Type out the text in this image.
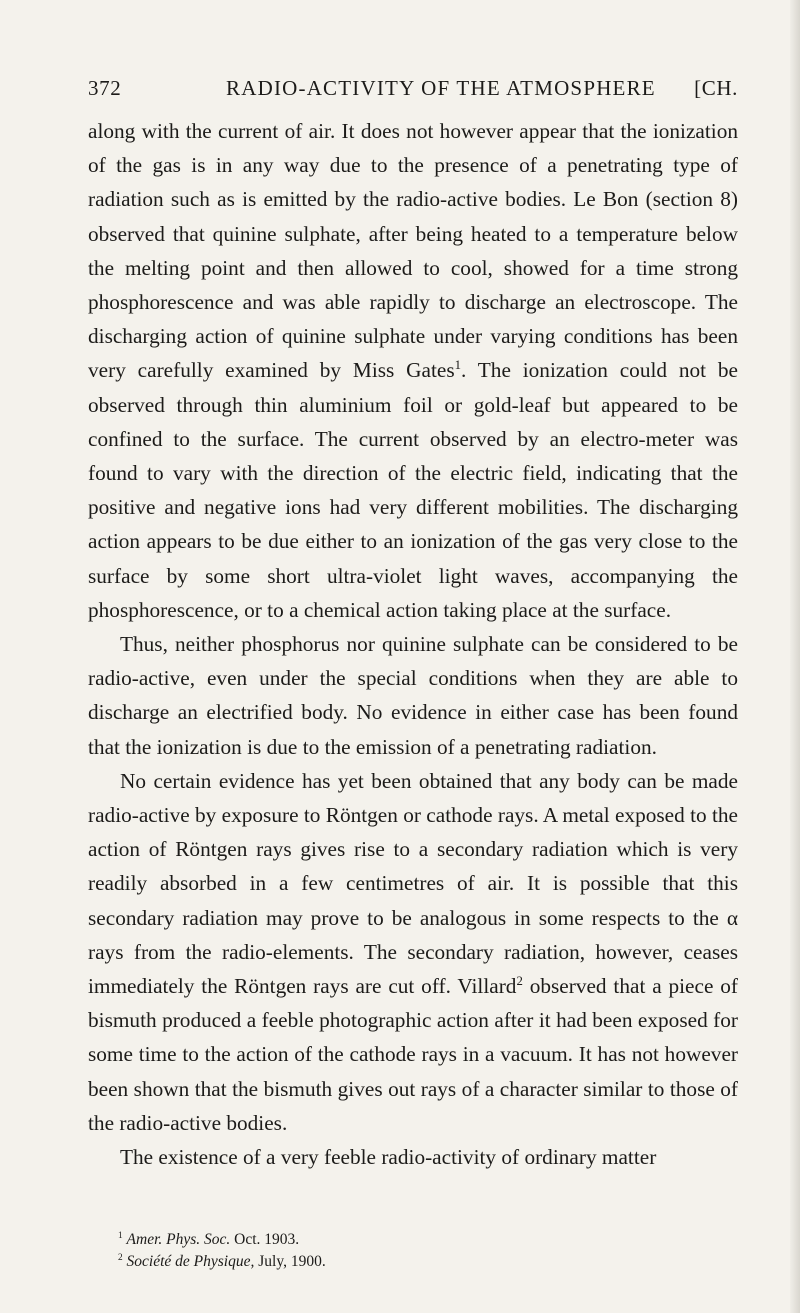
372	RADIO-ACTIVITY OF THE ATMOSPHERE [CH.

along with the current of air. It does not however appear that the ionization of the gas is in any way due to the presence of a penetrating type of radiation such as is emitted by the radio-active bodies. Le Bon (section 8) observed that quinine sulphate, after being heated to a temperature below the melting point and then allowed to cool, showed for a time strong phosphorescence and was able rapidly to discharge an electroscope. The discharging action of quinine sulphate under varying conditions has been very carefully examined by Miss Gates$^1$. The ionization could not be observed through thin aluminium foil or gold-leaf but appeared to be confined to the surface. The current observed by an electro-meter was found to vary with the direction of the electric field, indicating that the positive and negative ions had very different mobilities. The discharging action appears to be due either to an ionization of the gas very close to the surface by some short ultra-violet light waves, accompanying the phosphorescence, or to a chemical action taking place at the surface.

Thus, neither phosphorus nor quinine sulphate can be considered to be radio-active, even under the special conditions when they are able to discharge an electrified body. No evidence in either case has been found that the ionization is due to the emission of a penetrating radiation.

No certain evidence has yet been obtained that any body can be made radio-active by exposure to Röntgen or cathode rays. A metal exposed to the action of Röntgen rays gives rise to a secondary radiation which is very readily absorbed in a few centimetres of air. It is possible that this secondary radiation may prove to be analogous in some respects to the α rays from the radio-elements. The secondary radiation, however, ceases immediately the Röntgen rays are cut off. Villard$^2$ observed that a piece of bismuth produced a feeble photographic action after it had been exposed for some time to the action of the cathode rays in a vacuum. It has not however been shown that the bismuth gives out rays of a character similar to those of the radio-active bodies.

The existence of a very feeble radio-activity of ordinary matter

$^1$ Amer. Phys. Soc. Oct. 1903.
$^2$ Société de Physique, July, 1900.
